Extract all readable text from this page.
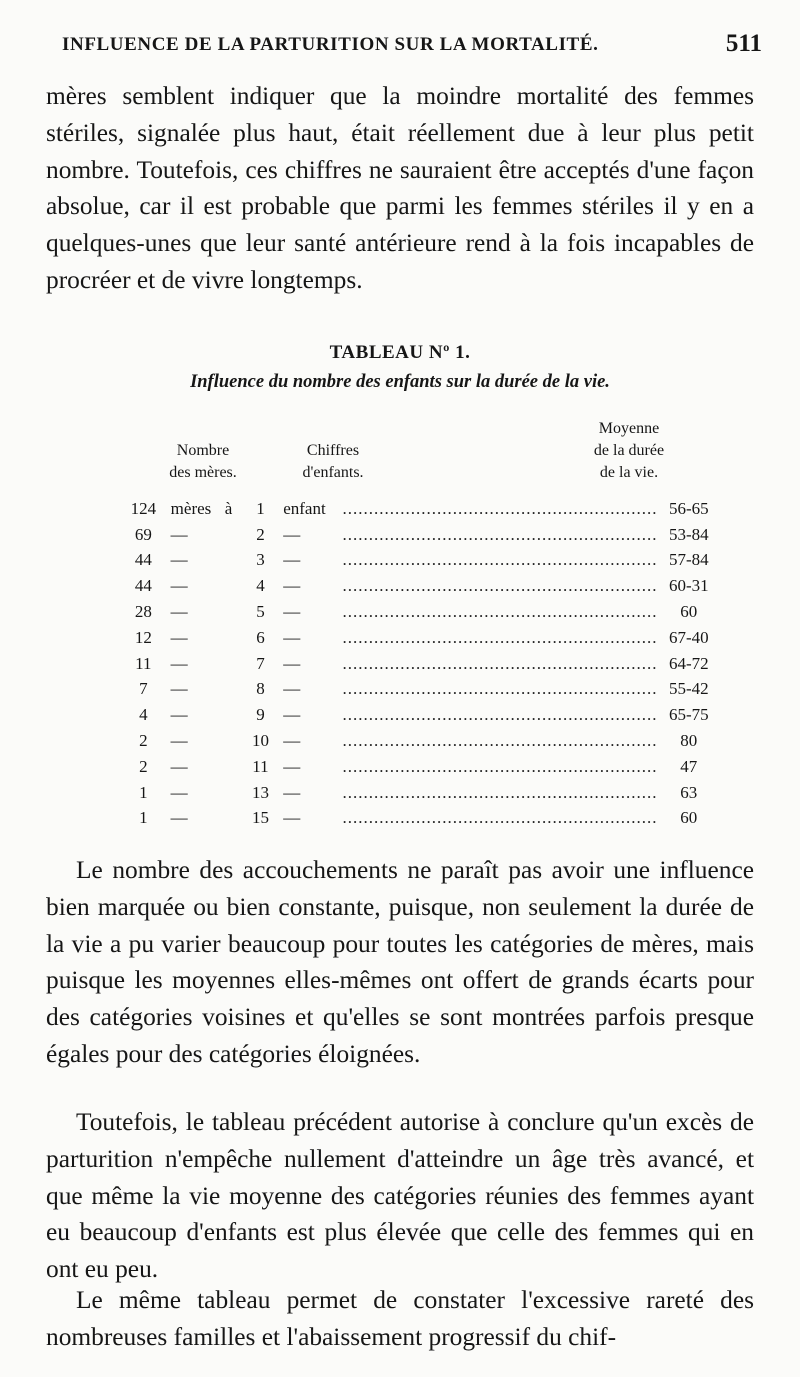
INFLUENCE DE LA PARTURITION SUR LA MORTALITÉ.	511
mères semblent indiquer que la moindre mortalité des femmes stériles, signalée plus haut, était réellement due à leur plus petit nombre. Toutefois, ces chiffres ne sauraient être acceptés d'une façon absolue, car il est probable que parmi les femmes stériles il y en a quelques-unes que leur santé antérieure rend à la fois incapables de procréer et de vivre longtemps.
TABLEAU Nº 1.
Influence du nombre des enfants sur la durée de la vie.
Nombre
des mères.
Chiffres
d'enfants.
Moyenne
de la durée
de la vie.
124	mères	à	1	enfant	............................................................	56-65
69	—		2	—	............................................................	53-84
44	—		3	—	............................................................	57-84
44	—		4	—	............................................................	60-31
28	—		5	—	............................................................	60
12	—		6	—	............................................................	67-40
11	—		7	—	............................................................	64-72
7	—		8	—	............................................................	55-42
4	—		9	—	............................................................	65-75
2	—		10	—	............................................................	80
2	—		11	—	............................................................	47
1	—		13	—	............................................................	63
1	—		15	—	............................................................	60
Le nombre des accouchements ne paraît pas avoir une influence bien marquée ou bien constante, puisque, non seulement la durée de la vie a pu varier beaucoup pour toutes les catégories de mères, mais puisque les moyennes elles-mêmes ont offert de grands écarts pour des catégories voisines et qu'elles se sont montrées parfois presque égales pour des catégories éloignées.
Toutefois, le tableau précédent autorise à conclure qu'un excès de parturition n'empêche nullement d'atteindre un âge très avancé, et que même la vie moyenne des catégories réunies des femmes ayant eu beaucoup d'enfants est plus élevée que celle des femmes qui en ont eu peu.
Le même tableau permet de constater l'excessive rareté des nombreuses familles et l'abaissement progressif du chif-
